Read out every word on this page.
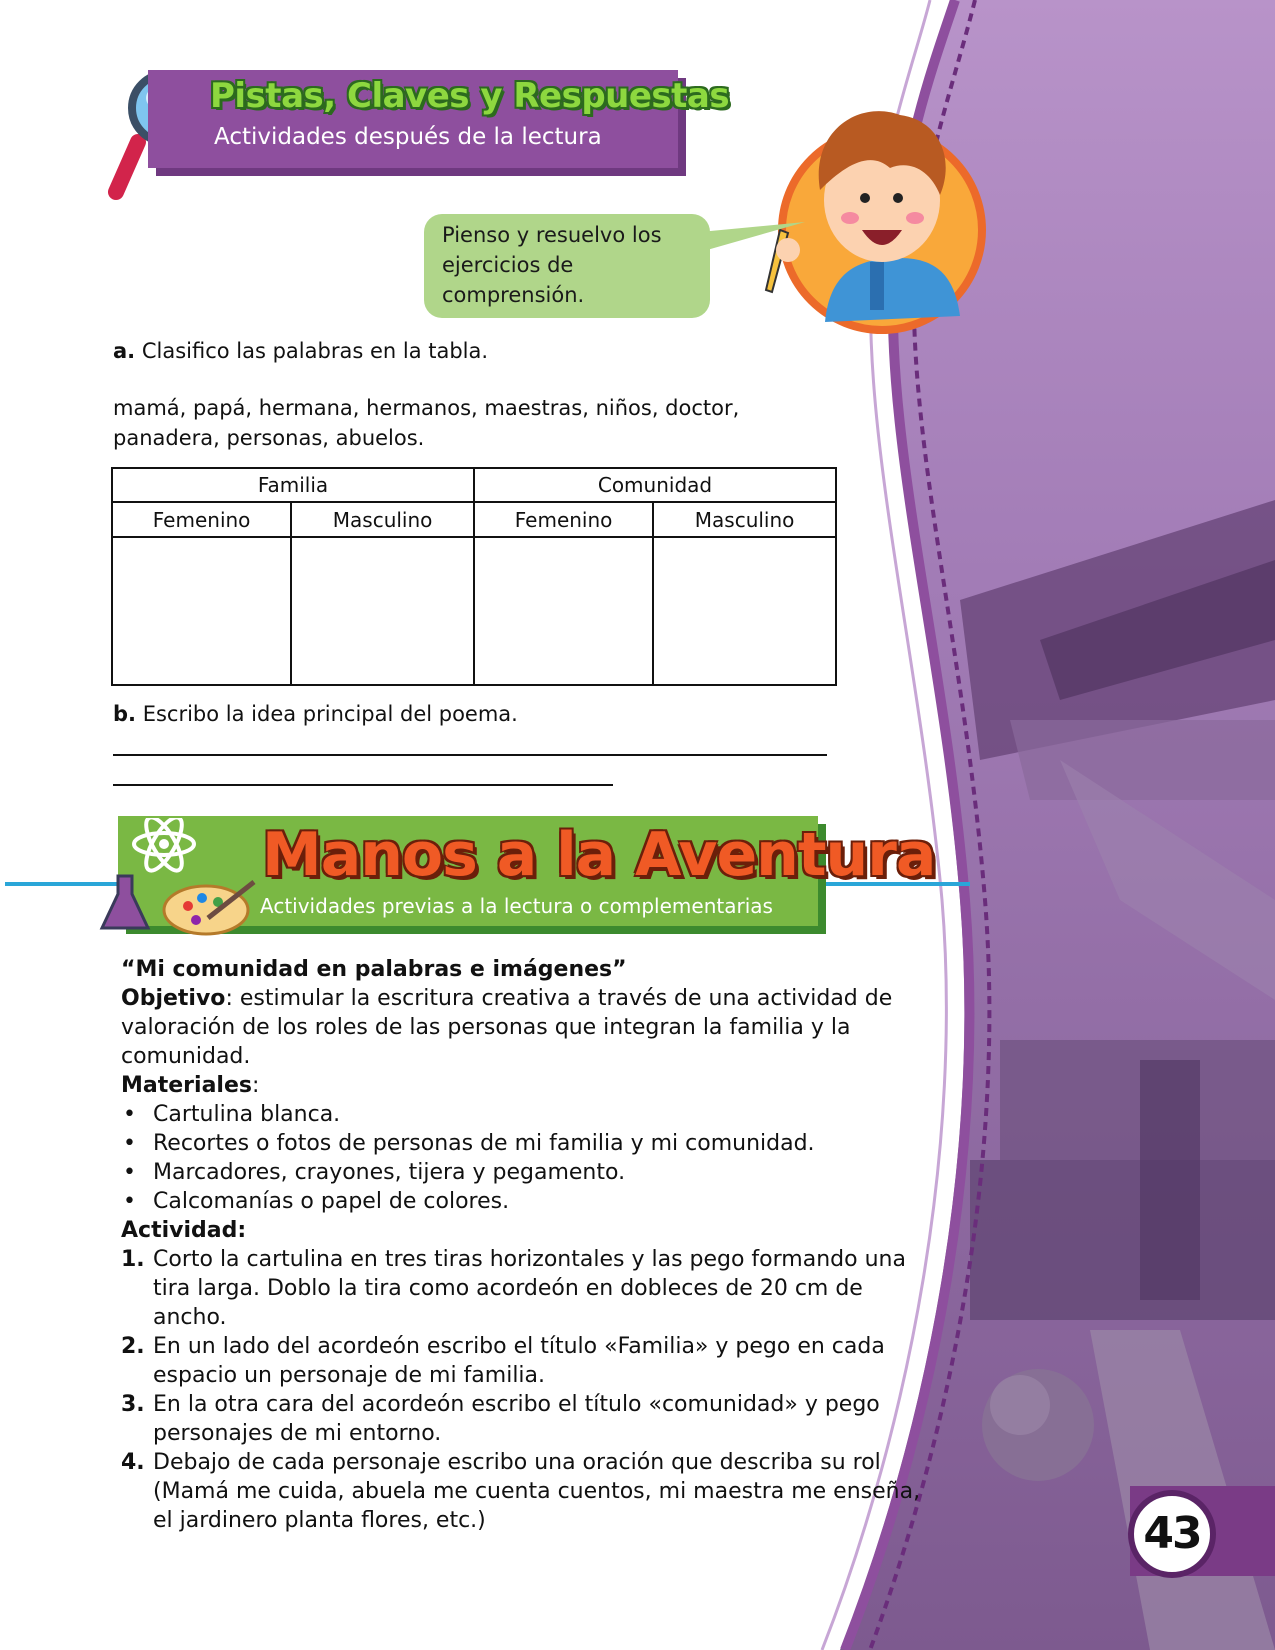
Pistas, Claves y Respuestas
Actividades después de la lectura
Pienso y resuelvo los
ejercicios de
comprensión.
a. Clasifico las palabras en la tabla.
mamá, papá, hermana, hermanos, maestras, niños, doctor,
panadera, personas, abuelos.
Familia		Comunidad	
Femenino	Masculino	Femenino	Masculino

b. Escribo la idea principal del poema.
Manos a la Aventura
Actividades previas a la lectura o complementarias
“Mi comunidad en palabras e imágenes”
Objetivo: estimular la escritura creativa a través de una actividad de valoración de los roles de las personas que integran la familia y la comunidad.
Materiales:
• Cartulina blanca.
• Recortes o fotos de personas de mi familia y mi comunidad.
• Marcadores, crayones, tijera y pegamento.
• Calcomanías o papel de colores.
Actividad:
1. Corto la cartulina en tres tiras horizontales y las pego formando una tira larga. Doblo la tira como acordeón en dobleces de 20 cm de ancho.
2. En un lado del acordeón escribo el título «Familia» y pego en cada espacio un personaje de mi familia.
3. En la otra cara del acordeón escribo el título «comunidad» y pego personajes de mi entorno.
4. Debajo de cada personaje escribo una oración que describa su rol (Mamá me cuida, abuela me cuenta cuentos, mi maestra me enseña, el jardinero planta flores, etc.)	43
